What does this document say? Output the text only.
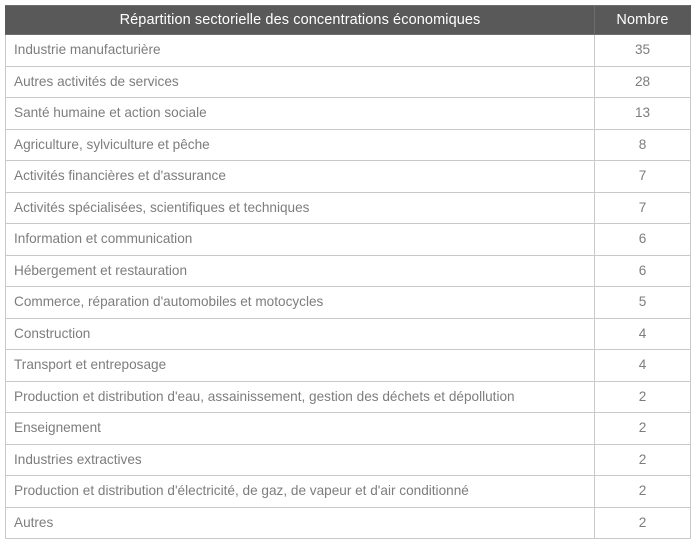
Répartition sectorielle des concentrations économiques	Nombre
Industrie manufacturière	35
Autres activités de services	28
Santé humaine et action sociale	13
Agriculture, sylviculture et pêche	8
Activités financières et d'assurance	7
Activités spécialisées, scientifiques et techniques	7
Information et communication	6
Hébergement et restauration	6
Commerce, réparation d'automobiles et motocycles	5
Construction	4
Transport et entreposage	4
Production et distribution d'eau, assainissement, gestion des déchets et dépollution	2
Enseignement	2
Industries extractives	2
Production et distribution d'électricité, de gaz, de vapeur et d'air conditionné	2
Autres	2
